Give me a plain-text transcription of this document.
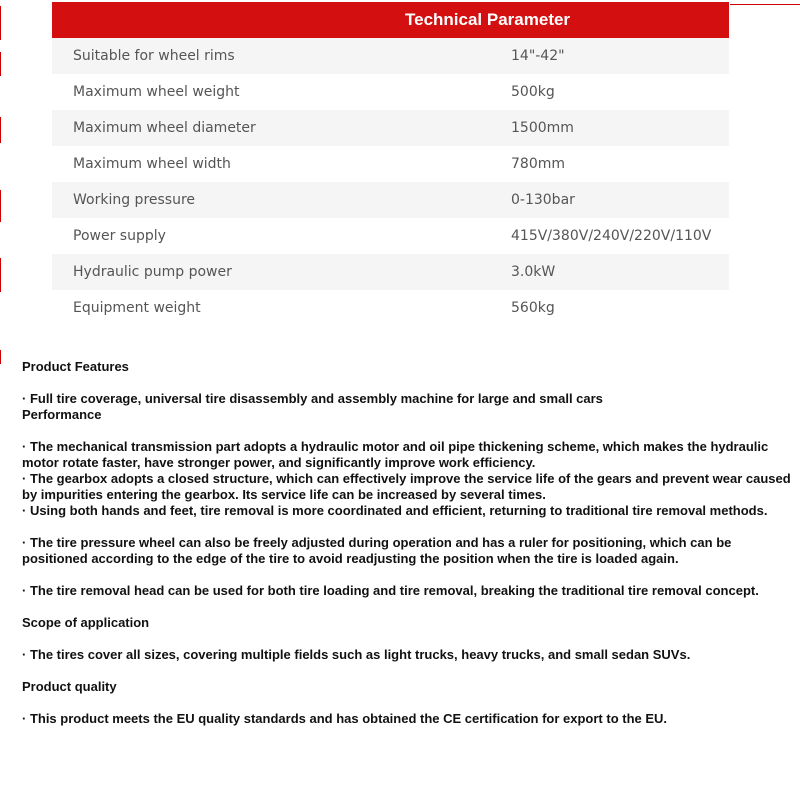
Technical Parameter	
Suitable for wheel rims	14"-42"
Maximum wheel weight	500kg
Maximum wheel diameter	1500mm
Maximum wheel width	780mm
Working pressure	0-130bar
Power supply	415V/380V/240V/220V/110V
Hydraulic pump power	3.0kW
Equipment weight	560kg

Product Features

· Full tire coverage, universal tire disassembly and assembly machine for large and small cars

Performance

· The mechanical transmission part adopts a hydraulic motor and oil pipe thickening scheme, which makes the hydraulic motor rotate faster, have stronger power, and significantly improve work efficiency.

· The gearbox adopts a closed structure, which can effectively improve the service life of the gears and prevent wear caused by impurities entering the gearbox. Its service life can be increased by several times.

· Using both hands and feet, tire removal is more coordinated and efficient, returning to traditional tire removal methods.

· The tire pressure wheel can also be freely adjusted during operation and has a ruler for positioning, which can be positioned according to the edge of the tire to avoid readjusting the position when the tire is loaded again.

· The tire removal head can be used for both tire loading and tire removal, breaking the traditional tire removal concept.

Scope of application

· The tires cover all sizes, covering multiple fields such as light trucks, heavy trucks, and small sedan SUVs.

Product quality

· This product meets the EU quality standards and has obtained the CE certification for export to the EU.
